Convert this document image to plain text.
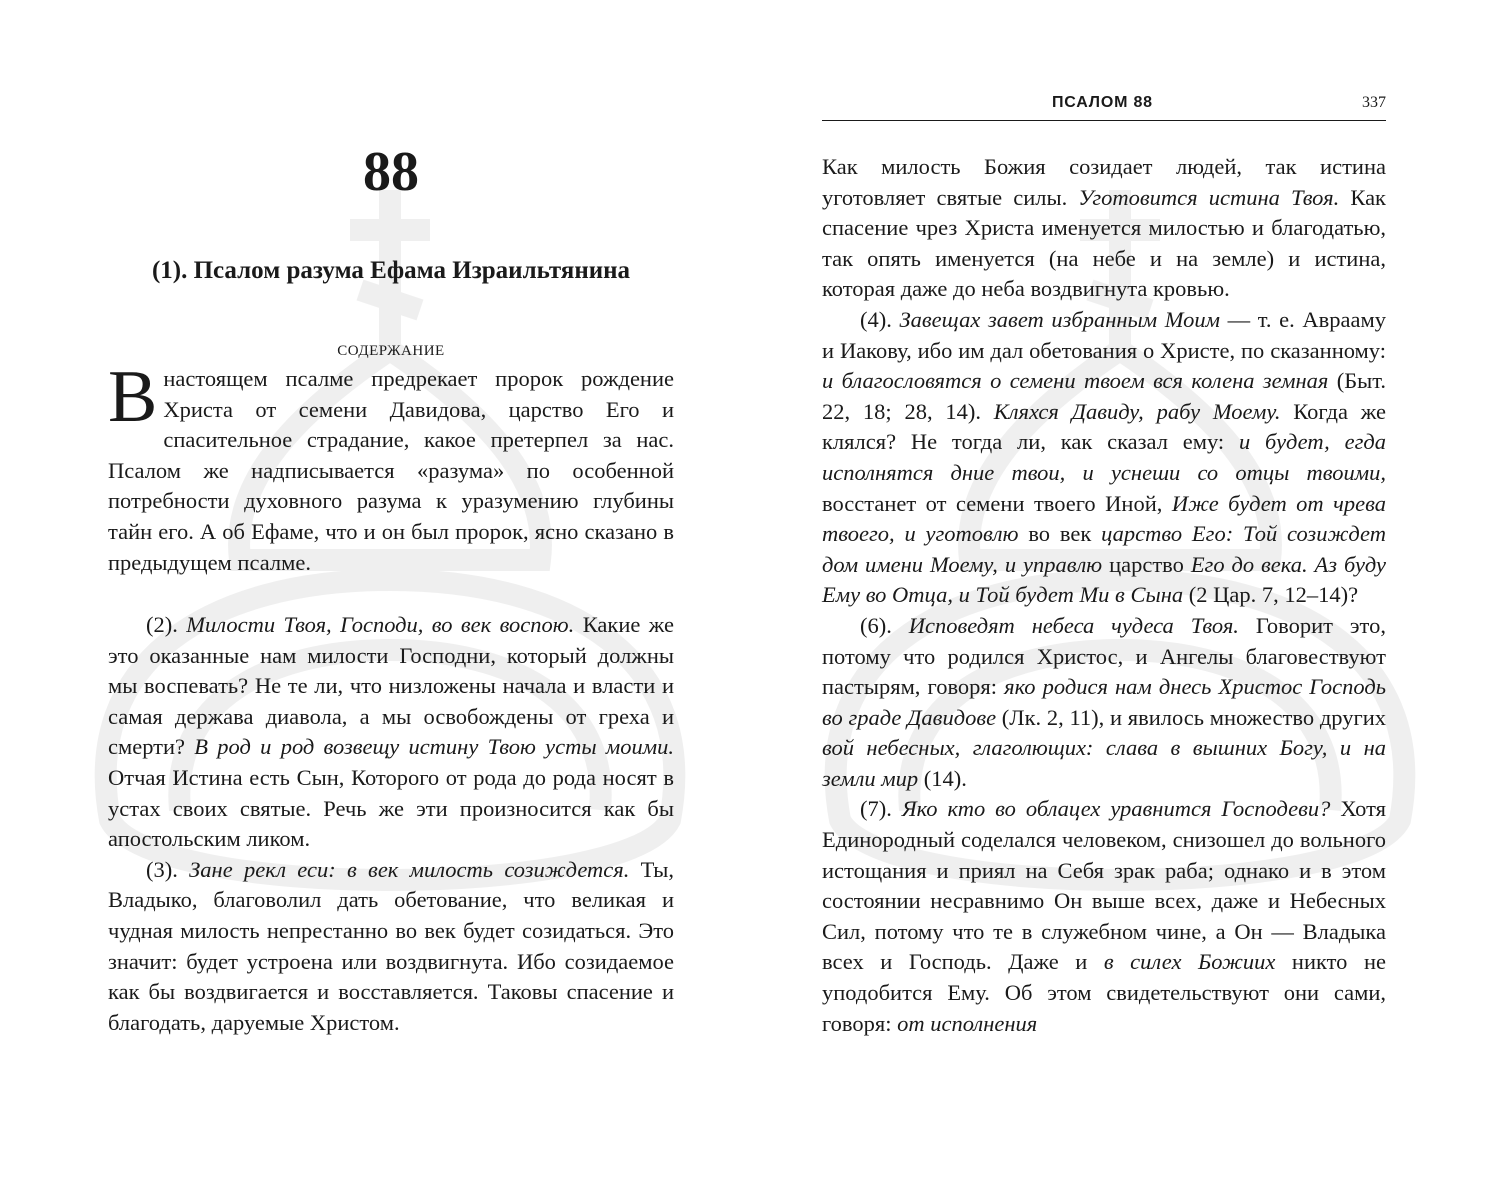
88
(1). Псалом разума Ефама Израильтянина
СОДЕРЖАНИЕ

В настоящем псалме предрекает пророк рождение Христа от семени Давидова, царство Его и спасительное страдание, какое претерпел за нас. Псалом же надписывается «разума» по особенной потребности духовного разума к уразумению глубины тайн его. А об Ефаме, что и он был пророк, ясно сказано в предыдущем псалме.

(2). Милости Твоя, Господи, во век воспою. Какие же это оказанные нам милости Господни, который должны мы воспевать? Не те ли, что низложены начала и власти и самая держава диавола, а мы освобождены от греха и смерти? В род и род возвещу истину Твою усты моими. Отчая Истина есть Сын, Которого от рода до рода носят в устах своих святые. Речь же эти произносится как бы апостольским ликом.

(3). Зане рекл еси: в век милость созиждется. Ты, Владыко, благоволил дать обетование, что великая и чудная милость непрестанно во век будет созидаться. Это значит: будет устроена или воздвигнута. Ибо созидаемое как бы воздвигается и восставляется. Таковы спасение и благодать, даруемые Христом.

ПСАЛОМ 88	337

Как милость Божия созидает людей, так истина уготовляет святые силы. Уготовится истина Твоя. Как спасение чрез Христа именуется милостью и благодатью, так опять именуется (на небе и на земле) и истина, которая даже до неба воздвигнута кровью.

(4). Завещах завет избранным Моим — т. е. Аврааму и Иакову, ибо им дал обетования о Христе, по сказанному: и благословятся о семени твоем вся колена земная (Быт. 22, 18; 28, 14). Кляхся Давиду, рабу Моему. Когда же клялся? Не тогда ли, как сказал ему: и будет, егда исполнятся дние твои, и уснеши со отцы твоими, восстанет от семени твоего Иной, Иже будет от чрева твоего, и уготовлю во век царство Его: Той созиждет дом имени Моему, и управлю царство Его до века. Аз буду Ему во Отца, и Той будет Ми в Сына (2 Цар. 7, 12–14)?

(6). Исповедят небеса чудеса Твоя. Говорит это, потому что родился Христос, и Ангелы благовествуют пастырям, говоря: яко родися нам днесь Христос Господь во граде Давидове (Лк. 2, 11), и явилось множество других вой небесных, глаголющих: слава в вышних Богу, и на земли мир (14).

(7). Яко кто во облацех уравнится Господеви? Хотя Единородный соделался человеком, снизошел до вольного истощания и приял на Себя зрак раба; однако и в этом состоянии несравнимо Он выше всех, даже и Небесных Сил, потому что те в служебном чине, а Он — Владыка всех и Господь. Даже и в силех Божиих никто не уподобится Ему. Об этом свидетельствуют они сами, говоря: от исполнения
